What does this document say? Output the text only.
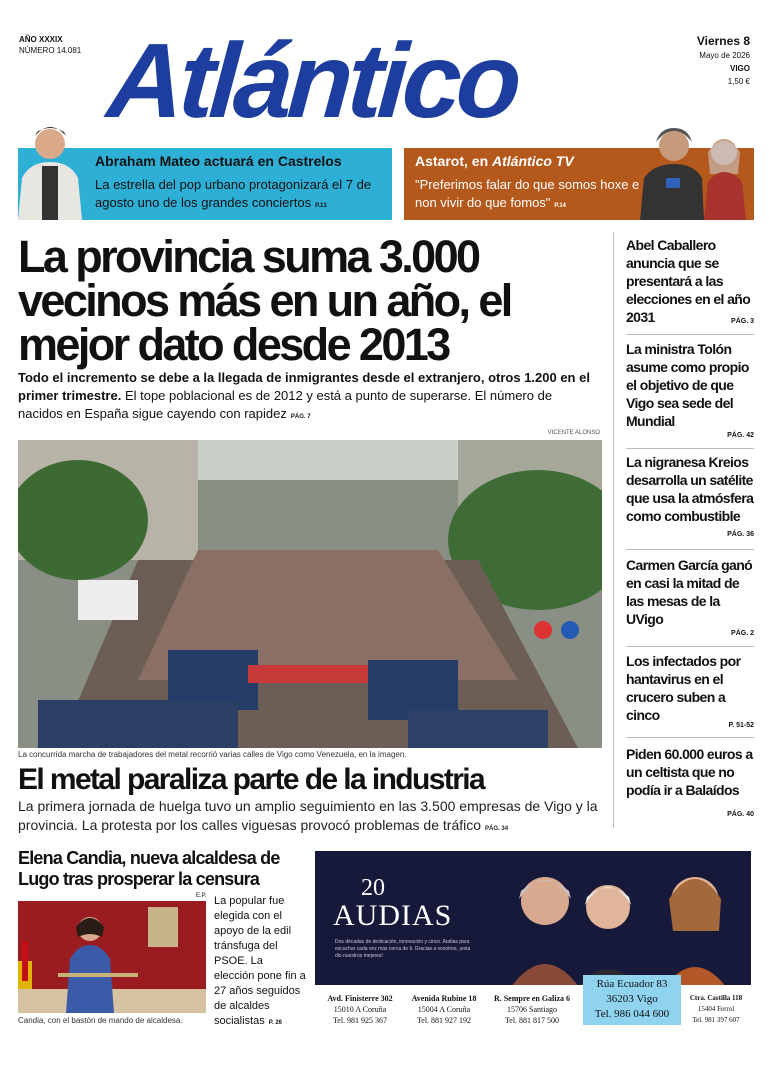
AÑO XXXIX
NÚMERO 14.081 Atlántico	Viernes 8
Mayo de 2026
VIGO
1,50 €
Abraham Mateo actuará en Castrelos
La estrella del pop urbano protagonizará el 7 de agosto uno de los grandes conciertos P.13
Astarot, en Atlántico TV
"Preferimos falar do que somos hoxe e non vivir do que fomos" P.14
La provincia suma 3.000 vecinos más en un año, el mejor dato desde 2013
Todo el incremento se debe a la llegada de inmigrantes desde el extranjero, otros 1.200 en el primer trimestre. El tope poblacional es de 2012 y está a punto de superarse. El número de nacidos en España sigue cayendo con rapidez PÁG. 7
VICENTE ALONSO
La concurrida marcha de trabajadores del metal recorrió varias calles de Vigo como Venezuela, en la imagen.
El metal paraliza parte de la industria
La primera jornada de huelga tuvo un amplio seguimiento en las 3.500 empresas de Vigo y la provincia. La protesta por los calles viguesas provocó problemas de tráfico PÁG. 34
Abel Caballero anuncia que se presentará a las elecciones en el año 2031	PÁG. 3
La ministra Tolón asume como propio el objetivo de que Vigo sea sede del Mundial
PÁG. 42
La nigranesa Kreios desarrolla un satélite que usa la atmósfera como combustible
PÁG. 36
Carmen García ganó en casi la mitad de las mesas de la UVigo
PÁG. 2
Los infectados por hantavirus en el crucero suben a cinco
P. 51-52
Piden 60.000 euros a un celtista que no podía ir a Balaídos
PÁG. 40
Elena Candia, nueva alcaldesa de Lugo tras prosperar la censura
E.P.
Candia, con el bastón de mando de alcaldesa.
La popular fue elegida con el apoyo de la edil tránsfuga del PSOE. La elección pone fin a 27 años seguidos de alcaldes socialistas P. 26
20
AUDIAS
Dos décadas de dedicación, innovación y cinco. Audias para escuchar cada vez más cerca de ti. Gracias a vosotros, ¡esta dio nuestros mejores!
Avd. Finisterre 302
15010 A Coruña
Tel. 981 925 367
Avenida Rubine 18
15004 A Coruña
Tel. 881 927 192
R. Sempre en Galiza 6
15706 Santiago
Tel. 881 817 500
Rúa Ecuador 83
36203 Vigo
Tel. 986 044 600
Ctra. Castilla 118
15404 Ferrol
Tel. 981 397 607
